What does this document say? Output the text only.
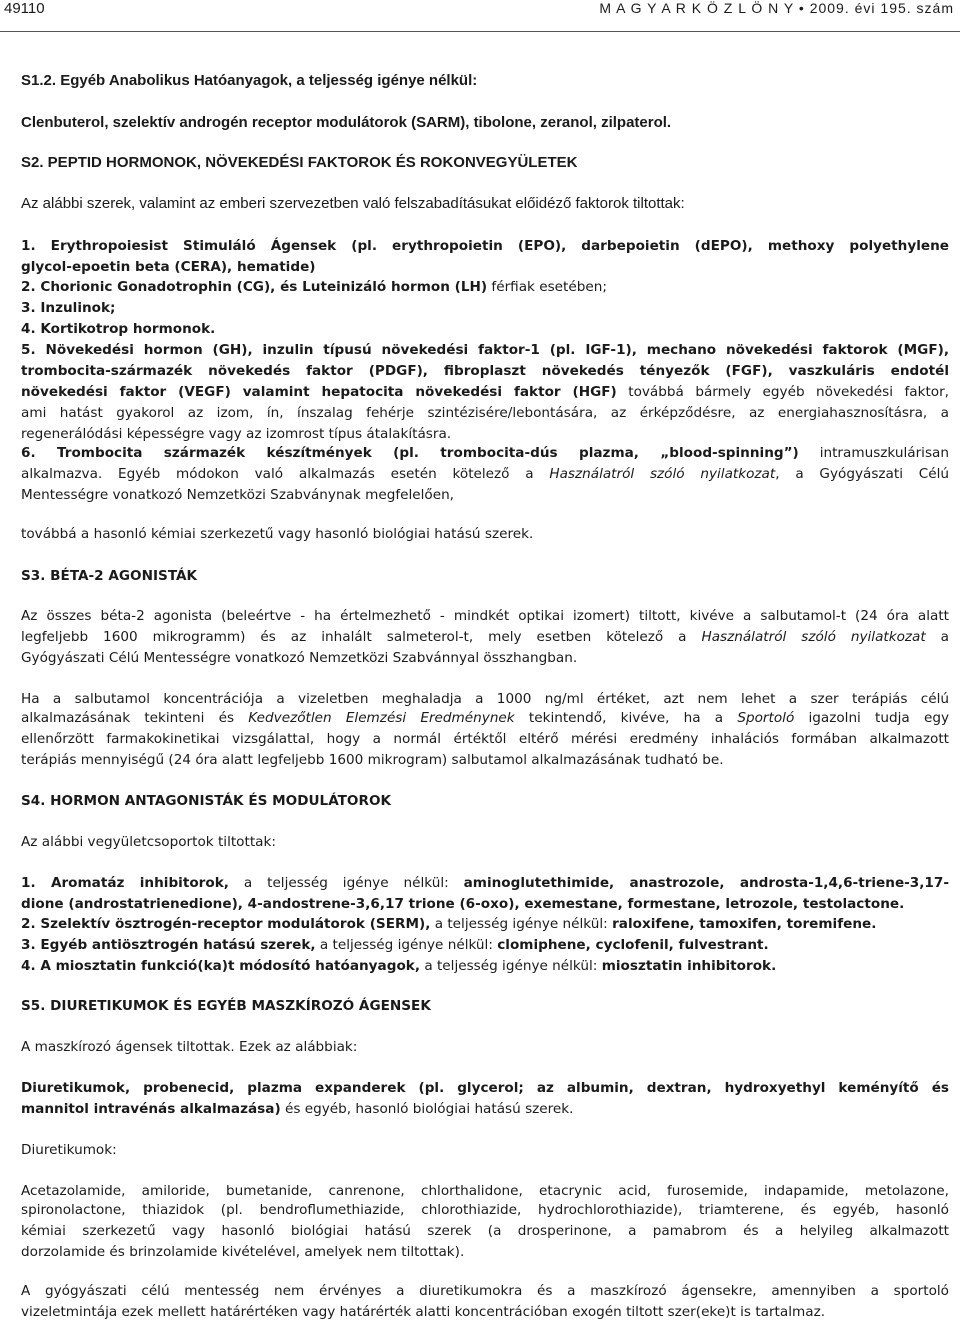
49110	M A G Y A R K Ö Z L Ö N Y • 2009. évi 195. szám
S1.2. Egyéb Anabolikus Hatóanyagok, a teljesség igénye nélkül:
Clenbuterol, szelektív androgén receptor modulátorok (SARM), tibolone, zeranol, zilpaterol.
S2. PEPTID HORMONOK, NÖVEKEDÉSI FAKTOROK ÉS ROKONVEGYÜLETEK
Az alábbi szerek, valamint az emberi szervezetben való felszabadításukat előidéző faktorok tiltottak:
1. Erythropoiesist Stimuláló Ágensek (pl. erythropoietin (EPO), darbepoietin (dEPO), methoxy polyethylene
glycol-epoetin beta (CERA), hematide)
2. Chorionic Gonadotrophin (CG), és Luteinizáló hormon (LH) férfiak esetében;
3. Inzulinok;
4. Kortikotrop hormonok.
5. Növekedési hormon (GH), inzulin típusú növekedési faktor-1 (pl. IGF-1), mechano növekedési faktorok (MGF),
trombocita-származék növekedés faktor (PDGF), fibroplaszt növekedés tényezők (FGF), vaszkuláris endotél
növekedési faktor (VEGF) valamint hepatocita növekedési faktor (HGF) továbbá bármely egyéb növekedési faktor,
ami hatást gyakorol az izom, ín, ínszalag fehérje szintézisére/lebontására, az érképződésre, az energiahasznosításra, a
regenerálódási képességre vagy az izomrost típus átalakításra.
6. Trombocita származék készítmények (pl. trombocita-dús plazma, „blood-spinning”) intramuszkulárisan
alkalmazva. Egyéb módokon való alkalmazás esetén kötelező a Használatról szóló nyilatkozat, a Gyógyászati Célú
Mentességre vonatkozó Nemzetközi Szabványnak megfelelően,
továbbá a hasonló kémiai szerkezetű vagy hasonló biológiai hatású szerek.
S3. BÉTA-2 AGONISTÁK
Az összes béta-2 agonista (beleértve - ha értelmezhető - mindkét optikai izomert) tiltott, kivéve a salbutamol-t (24 óra alatt
legfeljebb 1600 mikrogramm) és az inhalált salmeterol-t, mely esetben kötelező a Használatról szóló nyilatkozat a
Gyógyászati Célú Mentességre vonatkozó Nemzetközi Szabvánnyal összhangban.
Ha a salbutamol koncentrációja a vizeletben meghaladja a 1000 ng/ml értéket, azt nem lehet a szer terápiás célú
alkalmazásának tekinteni és Kedvezőtlen Elemzési Eredménynek tekintendő, kivéve, ha a Sportoló igazolni tudja egy
ellenőrzött farmakokinetikai vizsgálattal, hogy a normál értéktől eltérő mérési eredmény inhalációs formában alkalmazott
terápiás mennyiségű (24 óra alatt legfeljebb 1600 mikrogram) salbutamol alkalmazásának tudható be.
S4. HORMON ANTAGONISTÁK ÉS MODULÁTOROK
Az alábbi vegyületcsoportok tiltottak:
1. Aromatáz inhibitorok, a teljesség igénye nélkül: aminoglutethimide, anastrozole, androsta-1,4,6-triene-3,17-
dione (androstatrienedione), 4-andostrene-3,6,17 trione (6-oxo), exemestane, formestane, letrozole, testolactone.
2. Szelektív ösztrogén-receptor modulátorok (SERM), a teljesség igénye nélkül: raloxifene, tamoxifen, toremifene.
3. Egyéb antiösztrogén hatású szerek, a teljesség igénye nélkül: clomiphene, cyclofenil, fulvestrant.
4. A miosztatin funkció(ka)t módosító hatóanyagok, a teljesség igénye nélkül: miosztatin inhibitorok.
S5. DIURETIKUMOK ÉS EGYÉB MASZKÍROZÓ ÁGENSEK
A maszkírozó ágensek tiltottak. Ezek az alábbiak:
Diuretikumok, probenecid, plazma expanderek (pl. glycerol; az albumin, dextran, hydroxyethyl keményítő és
mannitol intravénás alkalmazása) és egyéb, hasonló biológiai hatású szerek.
Diuretikumok:
Acetazolamide, amiloride, bumetanide, canrenone, chlorthalidone, etacrynic acid, furosemide, indapamide, metolazone,
spironolactone, thiazidok (pl. bendroflumethiazide, chlorothiazide, hydrochlorothiazide), triamterene, és egyéb, hasonló
kémiai szerkezetű vagy hasonló biológiai hatású szerek (a drosperinone, a pamabrom és a helyileg alkalmazott
dorzolamide és brinzolamide kivételével, amelyek nem tiltottak).
A gyógyászati célú mentesség nem érvényes a diuretikumokra és a maszkírozó ágensekre, amennyiben a sportoló
vizeletmintája ezek mellett határértéken vagy határérték alatti koncentrációban exogén tiltott szer(eke)t is tartalmaz.
